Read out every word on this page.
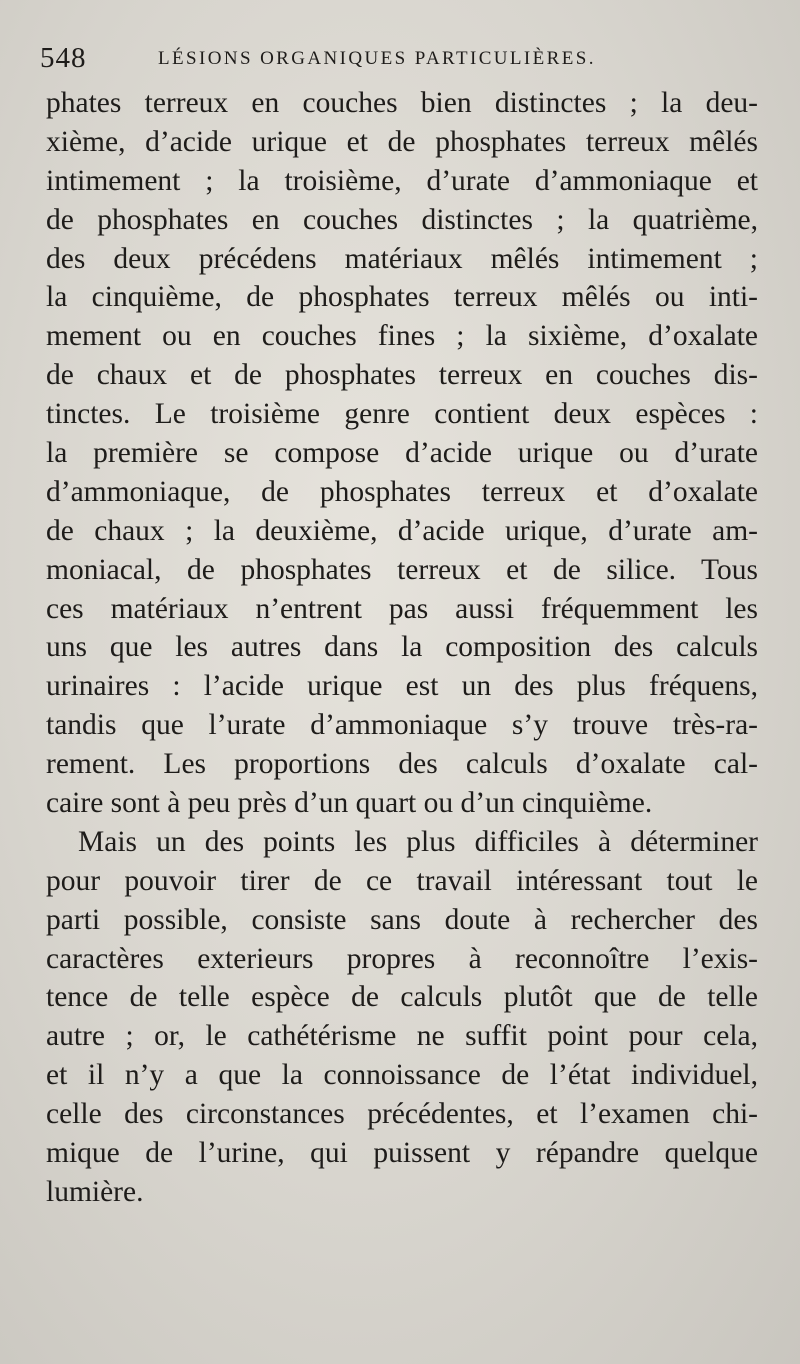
548	LÉSIONS ORGANIQUES PARTICULIÈRES.
phates terreux en couches bien distinctes ; la deu-
xième, d’acide urique et de phosphates terreux mêlés
intimement ; la troisième, d’urate d’ammoniaque et
de phosphates en couches distinctes ; la quatrième,
des deux précédens matériaux mêlés intimement ;
la cinquième, de phosphates terreux mêlés ou inti-
mement ou en couches fines ; la sixième, d’oxalate
de chaux et de phosphates terreux en couches dis-
tinctes. Le troisième genre contient deux espèces :
la première se compose d’acide urique ou d’urate
d’ammoniaque, de phosphates terreux et d’oxalate
de chaux ; la deuxième, d’acide urique, d’urate am-
moniacal, de phosphates terreux et de silice. Tous
ces matériaux n’entrent pas aussi fréquemment les
uns que les autres dans la composition des calculs
urinaires : l’acide urique est un des plus fréquens,
tandis que l’urate d’ammoniaque s’y trouve très-ra-
rement. Les proportions des calculs d’oxalate cal-
caire sont à peu près d’un quart ou d’un cinquième.
Mais un des points les plus difficiles à déterminer
pour pouvoir tirer de ce travail intéressant tout le
parti possible, consiste sans doute à rechercher des
caractères exterieurs propres à reconnoître l’exis-
tence de telle espèce de calculs plutôt que de telle
autre ; or, le cathétérisme ne suffit point pour cela,
et il n’y a que la connoissance de l’état individuel,
celle des circonstances précédentes, et l’examen chi-
mique de l’urine, qui puissent y répandre quelque
lumière.
